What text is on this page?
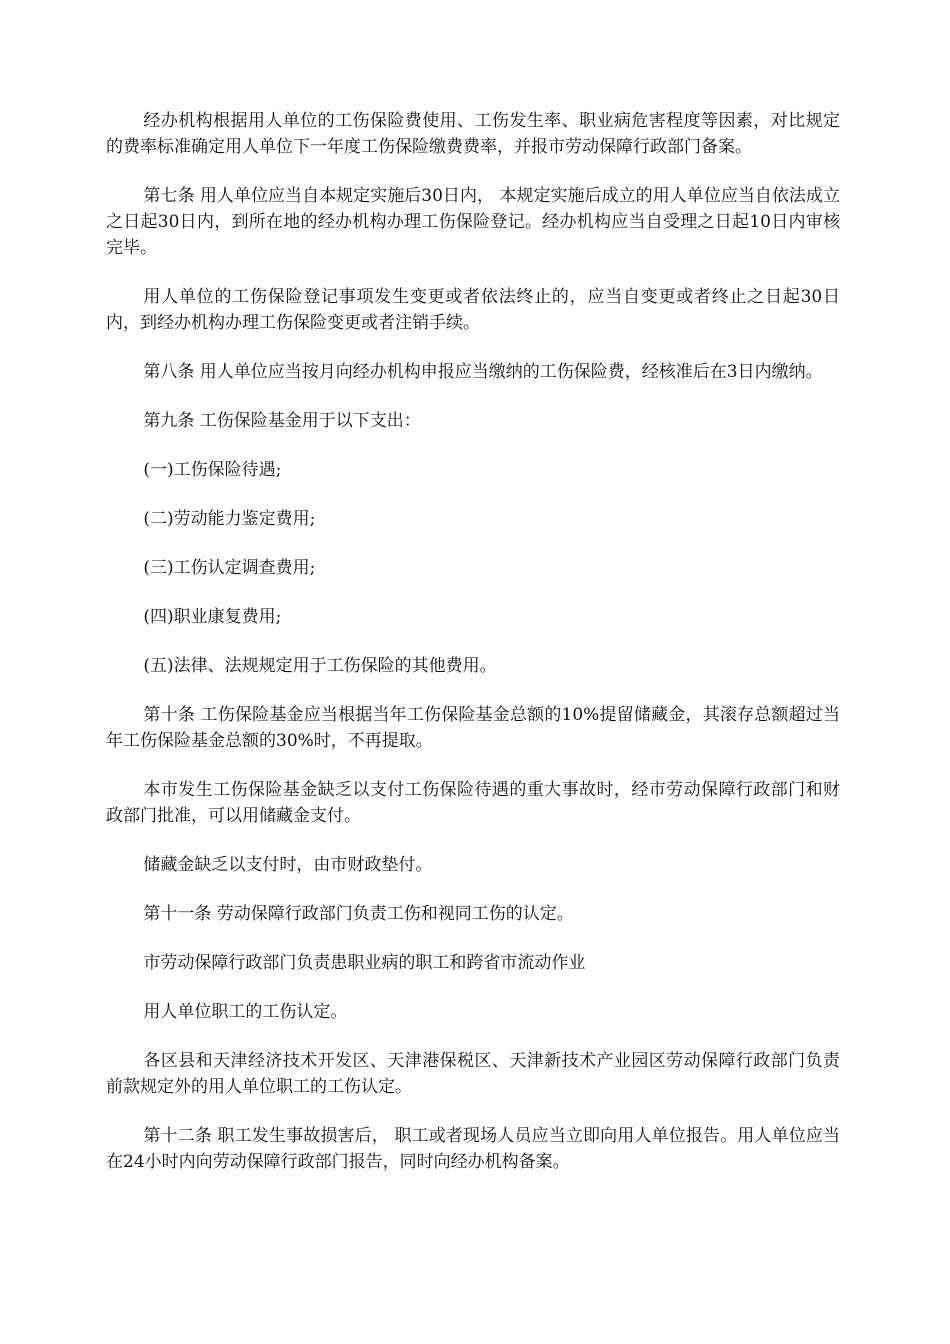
经办机构根据用人单位的工伤保险费使用、工伤发生率、职业病危害程度等因素，对比规定的费率标准确定用人单位下一年度工伤保险缴费费率，并报市劳动保障行政部门备案。

第七条 用人单位应当自本规定实施后30日内， 本规定实施后成立的用人单位应当自依法成立之日起30日内，到所在地的经办机构办理工伤保险登记。经办机构应当自受理之日起10日内审核完毕。

用人单位的工伤保险登记事项发生变更或者依法终止的，应当自变更或者终止之日起30日内，到经办机构办理工伤保险变更或者注销手续。

第八条 用人单位应当按月向经办机构申报应当缴纳的工伤保险费，经核准后在3日内缴纳。

第九条 工伤保险基金用于以下支出：

(一)工伤保险待遇;

(二)劳动能力鉴定费用;

(三)工伤认定调查费用;

(四)职业康复费用;

(五)法律、法规规定用于工伤保险的其他费用。

第十条 工伤保险基金应当根据当年工伤保险基金总额的10%提留储藏金，其滚存总额超过当年工伤保险基金总额的30%时，不再提取。

本市发生工伤保险基金缺乏以支付工伤保险待遇的重大事故时，经市劳动保障行政部门和财政部门批准，可以用储藏金支付。

储藏金缺乏以支付时，由市财政垫付。

第十一条 劳动保障行政部门负责工伤和视同工伤的认定。

市劳动保障行政部门负责患职业病的职工和跨省市流动作业

用人单位职工的工伤认定。

各区县和天津经济技术开发区、天津港保税区、天津新技术产业园区劳动保障行政部门负责前款规定外的用人单位职工的工伤认定。

第十二条 职工发生事故损害后， 职工或者现场人员应当立即向用人单位报告。用人单位应当在24小时内向劳动保障行政部门报告，同时向经办机构备案。
